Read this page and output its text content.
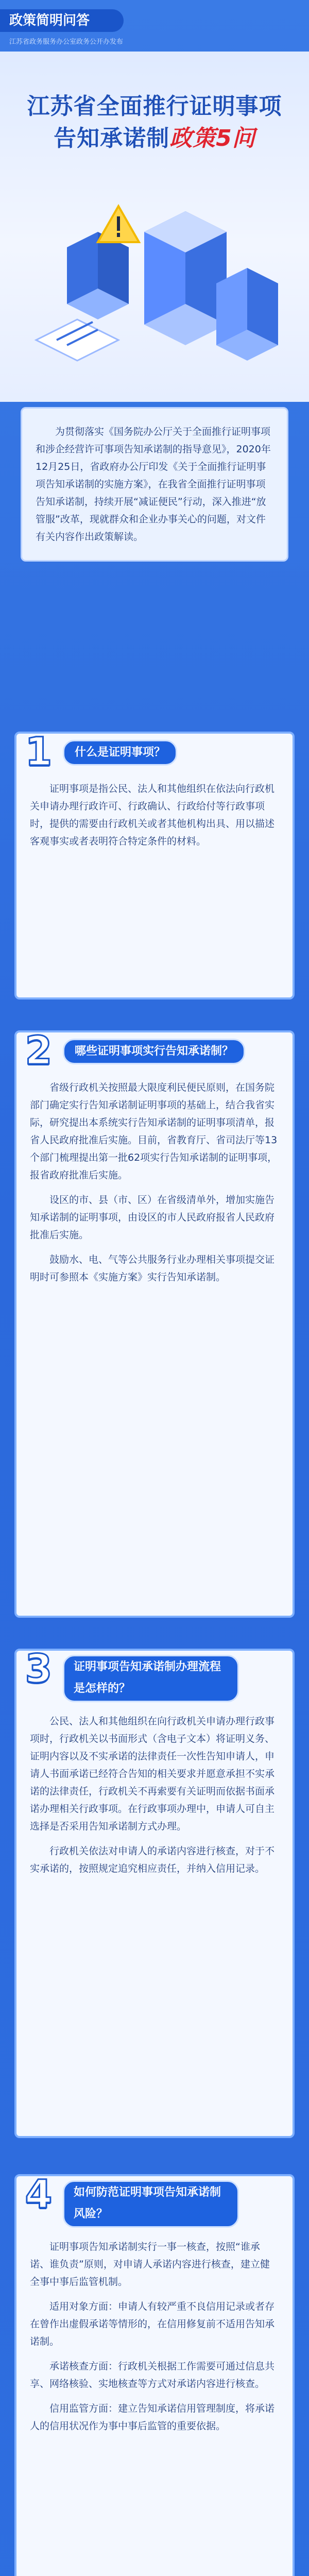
政策简明问答
江苏省政务服务办公室政务公开办发布
江苏省全面推行证明事项
告知承诺制政策5问
为贯彻落实《国务院办公厅关于全面推行证明事项和涉企经营许可事项告知承诺制的指导意见》，2020年12月25日，省政府办公厅印发《关于全面推行证明事项告知承诺制的实施方案》，在我省全面推行证明事项告知承诺制，持续开展“减证便民”行动，深入推进“放管服”改革，现就群众和企业办事关心的问题，对文件有关内容作出政策解读。
1	什么是证明事项？

证明事项是指公民、法人和其他组织在依法向行政机关申请办理行政许可、行政确认、行政给付等行政事项时，提供的需要由行政机关或者其他机构出具、用以描述客观事实或者表明符合特定条件的材料。

2	哪些证明事项实行告知承诺制？

省级行政机关按照最大限度利民便民原则，在国务院部门确定实行告知承诺制证明事项的基础上，结合我省实际，研究提出本系统实行告知承诺制的证明事项清单，报省人民政府批准后实施。目前，省教育厅、省司法厅等13个部门梳理提出第一批62项实行告知承诺制的证明事项，报省政府批准后实施。

设区的市、县（市、区）在省级清单外，增加实施告知承诺制的证明事项，由设区的市人民政府报省人民政府批准后实施。

鼓励水、电、气等公共服务行业办理相关事项提交证明时可参照本《实施方案》实行告知承诺制。

3	证明事项告知承诺制办理流程是怎样的？

公民、法人和其他组织在向行政机关申请办理行政事项时，行政机关以书面形式（含电子文本）将证明义务、证明内容以及不实承诺的法律责任一次性告知申请人，申请人书面承诺已经符合告知的相关要求并愿意承担不实承诺的法律责任，行政机关不再索要有关证明而依据书面承诺办理相关行政事项。在行政事项办理中，申请人可自主选择是否采用告知承诺制方式办理。

行政机关依法对申请人的承诺内容进行核查，对于不实承诺的，按照规定追究相应责任，并纳入信用记录。

4	如何防范证明事项告知承诺制风险？

证明事项告知承诺制实行一事一核查，按照“谁承诺、谁负责”原则，对申请人承诺内容进行核查，建立健全事中事后监管机制。

适用对象方面：申请人有较严重不良信用记录或者存在曾作出虚假承诺等情形的，在信用修复前不适用告知承诺制。

承诺核查方面：行政机关根据工作需要可通过信息共享、网络核验、实地核查等方式对承诺内容进行核查。

信用监管方面：建立告知承诺信用管理制度，将承诺人的信用状况作为事中事后监管的重要依据。
